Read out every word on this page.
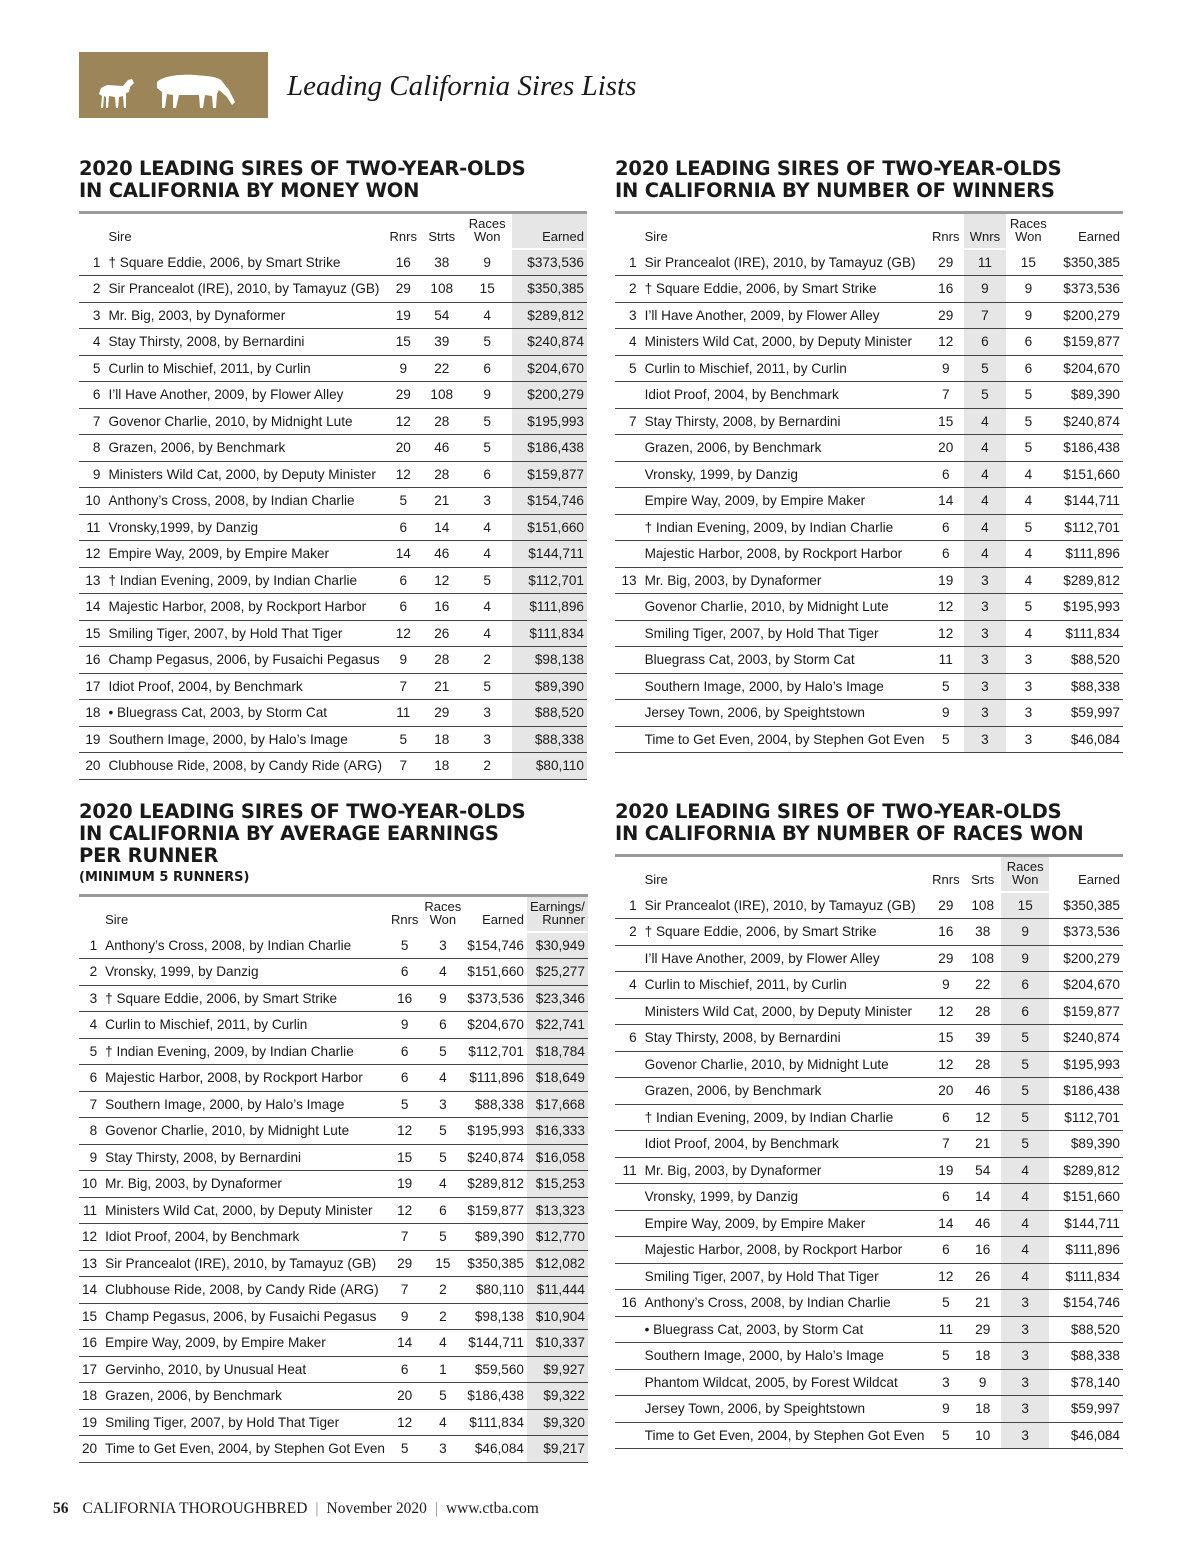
Leading California Sires Lists
2020 LEADING SIRES OF TWO-YEAR-OLDS
IN CALIFORNIA BY MONEY WON
	Sire	Rnrs	Strts	Races Won	Earned
1	† Square Eddie, 2006, by Smart Strike	16	38	9	$373,536
2	Sir Prancealot (IRE), 2010, by Tamayuz (GB)	29	108	15	$350,385
3	Mr. Big, 2003, by Dynaformer	19	54	4	$289,812
4	Stay Thirsty, 2008, by Bernardini	15	39	5	$240,874
5	Curlin to Mischief, 2011, by Curlin	9	22	6	$204,670
6	I’ll Have Another, 2009, by Flower Alley	29	108	9	$200,279
7	Govenor Charlie, 2010, by Midnight Lute	12	28	5	$195,993
8	Grazen, 2006, by Benchmark	20	46	5	$186,438
9	Ministers Wild Cat, 2000, by Deputy Minister	12	28	6	$159,877
10	Anthony’s Cross, 2008, by Indian Charlie	5	21	3	$154,746
11	Vronsky,1999, by Danzig	6	14	4	$151,660
12	Empire Way, 2009, by Empire Maker	14	46	4	$144,711
13	† Indian Evening, 2009, by Indian Charlie	6	12	5	$112,701
14	Majestic Harbor, 2008, by Rockport Harbor	6	16	4	$111,896
15	Smiling Tiger, 2007, by Hold That Tiger	12	26	4	$111,834
16	Champ Pegasus, 2006, by Fusaichi Pegasus	9	28	2	$98,138
17	Idiot Proof, 2004, by Benchmark	7	21	5	$89,390
18	• Bluegrass Cat, 2003, by Storm Cat	11	29	3	$88,520
19	Southern Image, 2000, by Halo’s Image	5	18	3	$88,338
20	Clubhouse Ride, 2008, by Candy Ride (ARG)	7	18	2	$80,110
2020 LEADING SIRES OF TWO-YEAR-OLDS
IN CALIFORNIA BY NUMBER OF WINNERS
	Sire	Rnrs	Wnrs	Races Won	Earned
1	Sir Prancealot (IRE), 2010, by Tamayuz (GB)	29	11	15	$350,385
2	† Square Eddie, 2006, by Smart Strike	16	9	9	$373,536
3	I’ll Have Another, 2009, by Flower Alley	29	7	9	$200,279
4	Ministers Wild Cat, 2000, by Deputy Minister	12	6	6	$159,877
5	Curlin to Mischief, 2011, by Curlin	9	5	6	$204,670
	Idiot Proof, 2004, by Benchmark	7	5	5	$89,390
7	Stay Thirsty, 2008, by Bernardini	15	4	5	$240,874
	Grazen, 2006, by Benchmark	20	4	5	$186,438
	Vronsky, 1999, by Danzig	6	4	4	$151,660
	Empire Way, 2009, by Empire Maker	14	4	4	$144,711
	† Indian Evening, 2009, by Indian Charlie	6	4	5	$112,701
	Majestic Harbor, 2008, by Rockport Harbor	6	4	4	$111,896
13	Mr. Big, 2003, by Dynaformer	19	3	4	$289,812
	Govenor Charlie, 2010, by Midnight Lute	12	3	5	$195,993
	Smiling Tiger, 2007, by Hold That Tiger	12	3	4	$111,834
	Bluegrass Cat, 2003, by Storm Cat	11	3	3	$88,520
	Southern Image, 2000, by Halo’s Image	5	3	3	$88,338
	Jersey Town, 2006, by Speightstown	9	3	3	$59,997
	Time to Get Even, 2004, by Stephen Got Even	5	3	3	$46,084
2020 LEADING SIRES OF TWO-YEAR-OLDS
IN CALIFORNIA BY AVERAGE EARNINGS
PER RUNNER
(MINIMUM 5 RUNNERS)
	Sire	Rnrs	Races Won	Earned	Earnings/ Runner
1	Anthony’s Cross, 2008, by Indian Charlie	5	3	$154,746	$30,949
2	Vronsky, 1999, by Danzig	6	4	$151,660	$25,277
3	† Square Eddie, 2006, by Smart Strike	16	9	$373,536	$23,346
4	Curlin to Mischief, 2011, by Curlin	9	6	$204,670	$22,741
5	† Indian Evening, 2009, by Indian Charlie	6	5	$112,701	$18,784
6	Majestic Harbor, 2008, by Rockport Harbor	6	4	$111,896	$18,649
7	Southern Image, 2000, by Halo’s Image	5	3	$88,338	$17,668
8	Govenor Charlie, 2010, by Midnight Lute	12	5	$195,993	$16,333
9	Stay Thirsty, 2008, by Bernardini	15	5	$240,874	$16,058
10	Mr. Big, 2003, by Dynaformer	19	4	$289,812	$15,253
11	Ministers Wild Cat, 2000, by Deputy Minister	12	6	$159,877	$13,323
12	Idiot Proof, 2004, by Benchmark	7	5	$89,390	$12,770
13	Sir Prancealot (IRE), 2010, by Tamayuz (GB)	29	15	$350,385	$12,082
14	Clubhouse Ride, 2008, by Candy Ride (ARG)	7	2	$80,110	$11,444
15	Champ Pegasus, 2006, by Fusaichi Pegasus	9	2	$98,138	$10,904
16	Empire Way, 2009, by Empire Maker	14	4	$144,711	$10,337
17	Gervinho, 2010, by Unusual Heat	6	1	$59,560	$9,927
18	Grazen, 2006, by Benchmark	20	5	$186,438	$9,322
19	Smiling Tiger, 2007, by Hold That Tiger	12	4	$111,834	$9,320
20	Time to Get Even, 2004, by Stephen Got Even	5	3	$46,084	$9,217
2020 LEADING SIRES OF TWO-YEAR-OLDS
IN CALIFORNIA BY NUMBER OF RACES WON
	Sire	Rnrs	Srts	Races Won	Earned
1	Sir Prancealot (IRE), 2010, by Tamayuz (GB)	29	108	15	$350,385
2	† Square Eddie, 2006, by Smart Strike	16	38	9	$373,536
	I’ll Have Another, 2009, by Flower Alley	29	108	9	$200,279
4	Curlin to Mischief, 2011, by Curlin	9	22	6	$204,670
	Ministers Wild Cat, 2000, by Deputy Minister	12	28	6	$159,877
6	Stay Thirsty, 2008, by Bernardini	15	39	5	$240,874
	Govenor Charlie, 2010, by Midnight Lute	12	28	5	$195,993
	Grazen, 2006, by Benchmark	20	46	5	$186,438
	† Indian Evening, 2009, by Indian Charlie	6	12	5	$112,701
	Idiot Proof, 2004, by Benchmark	7	21	5	$89,390
11	Mr. Big, 2003, by Dynaformer	19	54	4	$289,812
	Vronsky, 1999, by Danzig	6	14	4	$151,660
	Empire Way, 2009, by Empire Maker	14	46	4	$144,711
	Majestic Harbor, 2008, by Rockport Harbor	6	16	4	$111,896
	Smiling Tiger, 2007, by Hold That Tiger	12	26	4	$111,834
16	Anthony’s Cross, 2008, by Indian Charlie	5	21	3	$154,746
	• Bluegrass Cat, 2003, by Storm Cat	11	29	3	$88,520
	Southern Image, 2000, by Halo’s Image	5	18	3	$88,338
	Phantom Wildcat, 2005, by Forest Wildcat	3	9	3	$78,140
	Jersey Town, 2006, by Speightstown	9	18	3	$59,997
	Time to Get Even, 2004, by Stephen Got Even	5	10	3	$46,084
56 CALIFORNIA THOROUGHBRED | November 2020 | www.ctba.com
